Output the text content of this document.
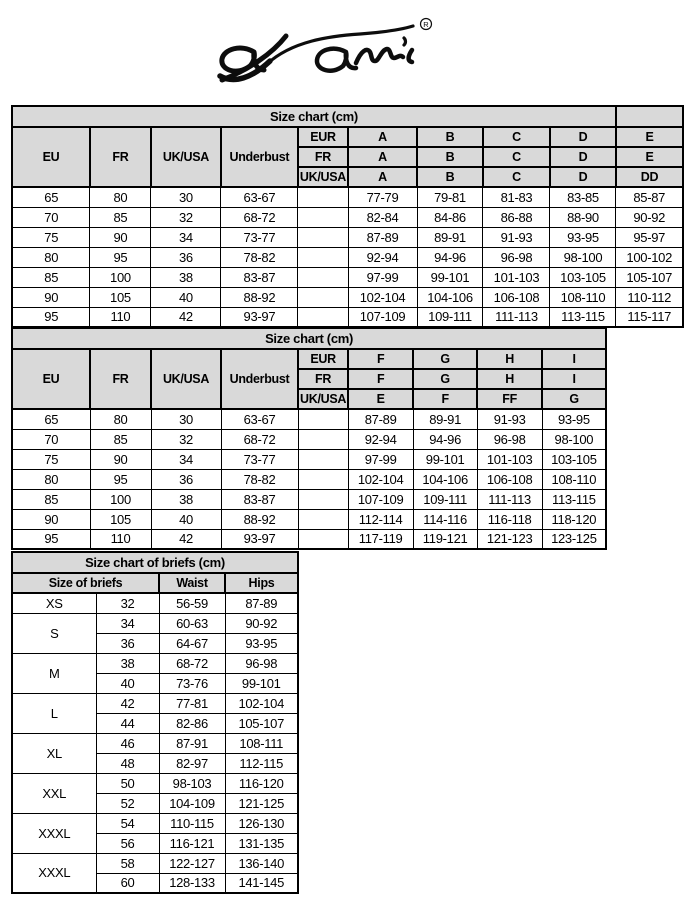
R
Size chart (cm)									
EU	FR	UK/USA	Underbust	EUR	A	B	C	D	E
				FR	A	B	C	D	E
				UK/USA	A	B	C	D	DD
65	80	30	63-67		77-79	79-81	81-83	83-85	85-87
70	85	32	68-72		82-84	84-86	86-88	88-90	90-92
75	90	34	73-77		87-89	89-91	91-93	93-95	95-97
80	95	36	78-82		92-94	94-96	96-98	98-100	100-102
85	100	38	83-87		97-99	99-101	101-103	103-105	105-107
90	105	40	88-92		102-104	104-106	106-108	108-110	110-112
95	110	42	93-97		107-109	109-111	111-113	113-115	115-117
Size chart (cm)								
EU	FR	UK/USA	Underbust	EUR	F	G	H	I
				FR	F	G	H	I
				UK/USA	E	F	FF	G
65	80	30	63-67		87-89	89-91	91-93	93-95
70	85	32	68-72		92-94	94-96	96-98	98-100
75	90	34	73-77		97-99	99-101	101-103	103-105
80	95	36	78-82		102-104	104-106	106-108	108-110
85	100	38	83-87		107-109	109-111	111-113	113-115
90	105	40	88-92		112-114	114-116	116-118	118-120
95	110	42	93-97		117-119	119-121	121-123	123-125
Size chart of briefs (cm)			
Size of briefs		Waist	Hips
XS	32	56-59	87-89
S	34	60-63	90-92
	36	64-67	93-95
M	38	68-72	96-98
	40	73-76	99-101
L	42	77-81	102-104
	44	82-86	105-107
XL	46	87-91	108-111
	48	82-97	112-115
XXL	50	98-103	116-120
	52	104-109	121-125
XXXL	54	110-115	126-130
	56	116-121	131-135
XXXL	58	122-127	136-140
	60	128-133	141-145
